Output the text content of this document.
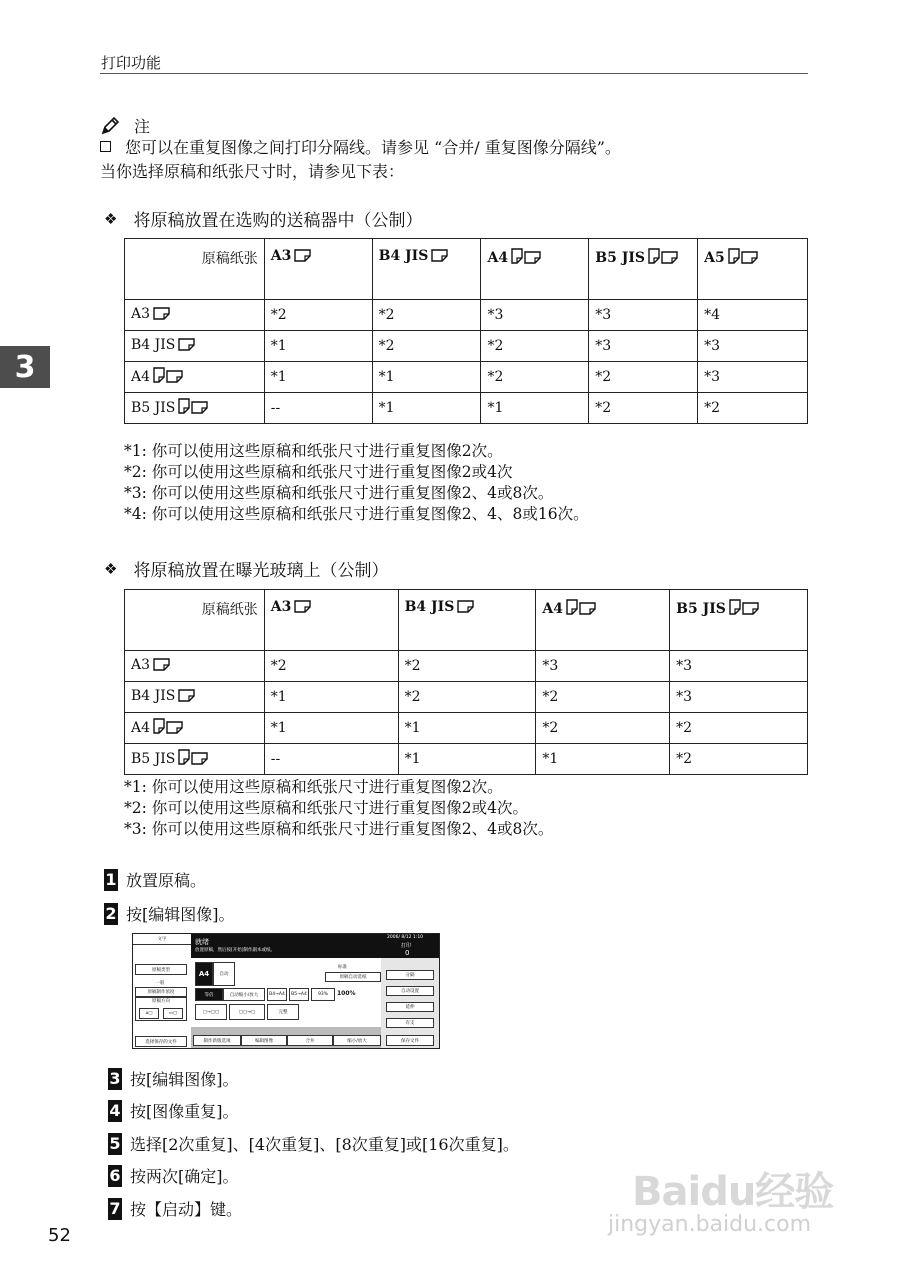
打印功能
3
注
您可以在重复图像之间打印分隔线。请参见 “合并/ 重复图像分隔线”。
当你选择原稿和纸张尺寸时，请参见下表：
❖ 将原稿放置在选购的送稿器中（公制）
原稿纸张	A3	B4 JIS	A4	B5 JIS	A5
A3	*2	*2	*3	*3	*4
B4 JIS	*1	*2	*2	*3	*3
A4	*1	*1	*2	*2	*3
B5 JIS	--	*1	*1	*2	*2
*1: 你可以使用这些原稿和纸张尺寸进行重复图像2次。
*2: 你可以使用这些原稿和纸张尺寸进行重复图像2或4次
*3: 你可以使用这些原稿和纸张尺寸进行重复图像2、4或8次。
*4: 你可以使用这些原稿和纸张尺寸进行重复图像2、4、8或16次。
❖ 将原稿放置在曝光玻璃上（公制）
原稿纸张	A3	B4 JIS	A4	B5 JIS
A3	*2	*2	*3	*3
B4 JIS	*1	*2	*2	*3
A4	*1	*1	*2	*2
B5 JIS	--	*1	*1	*2
*1: 你可以使用这些原稿和纸张尺寸进行重复图像2次。
*2: 你可以使用这些原稿和纸张尺寸进行重复图像2或4次。
*3: 你可以使用这些原稿和纸张尺寸进行重复图像2、4或8次。
1 放置原稿。
2 按[编辑图像]。
3 按[编辑图像]。
4 按[图像重复]。
5 选择[2次重复]、[4次重复]、[8次重复]或[16次重复]。
6 按两次[确定]。
7 按【启动】键。
文字
原稿类型
一般
原稿制作浓度
原稿方向
⌂▢	▭▢
选择保存的文件
就绪
放置原稿，然后按[开始]制作副本或纸。
2006/ 8/12 1:10
打印
0
A4	自动
标准
原稿自动选纸
等倍	自动缩小/放大	B4→A4	B5→A4	93%	100%
▢→▢▢	▢▢→▢	完整
制作新版选项	编辑图像	合并	缩小/放大
分隔
自动设置
延伸
有支
保存文件
Baidu经验
jingyan.baidu.com
52
